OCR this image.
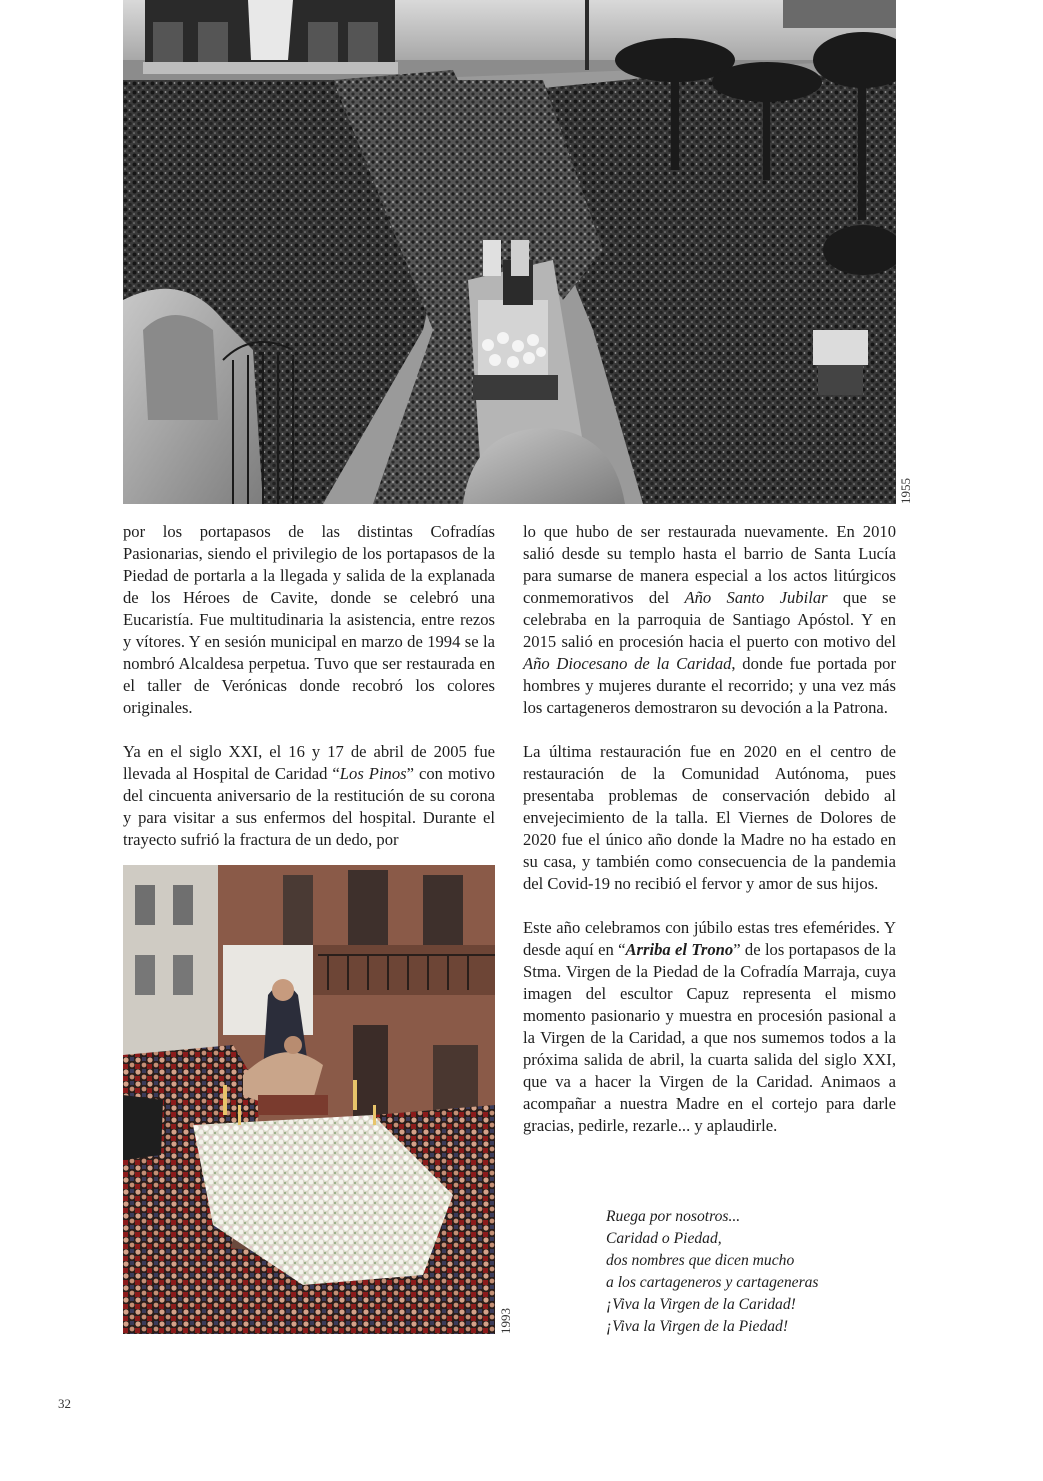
1955

por los portapasos de las distintas Cofradías Pasionarias, siendo el privilegio de los portapasos de la Piedad de portarla a la llegada y salida de la explanada de los Héroes de Cavite, donde se celebró una Eucaristía. Fue multitudinaria la asistencia, entre rezos y vítores. Y en sesión municipal en marzo de 1994 se la nombró Alcaldesa perpetua. Tuvo que ser restaurada en el taller de Verónicas donde recobró los colores originales.

Ya en el siglo XXI, el 16 y 17 de abril de 2005 fue llevada al Hospital de Caridad “Los Pinos” con motivo del cincuenta aniversario de la restitución de su corona y para visitar a sus enfermos del hospital. Durante el trayecto sufrió la fractura de un dedo, por

1993

lo que hubo de ser restaurada nuevamente. En 2010 salió desde su templo hasta el barrio de Santa Lucía para sumarse de manera especial a los actos litúrgicos conmemorativos del Año Santo Jubilar que se celebraba en la parroquia de Santiago Apóstol. Y en 2015 salió en procesión hacia el puerto con motivo del Año Diocesano de la Caridad, donde fue portada por hombres y mujeres durante el recorrido; y una vez más los cartageneros demostraron su devoción a la Patrona.

La última restauración fue en 2020 en el centro de restauración de la Comunidad Autónoma, pues presentaba problemas de conservación debido al envejecimiento de la talla. El Viernes de Dolores de 2020 fue el único año donde la Madre no ha estado en su casa, y también como consecuencia de la pandemia del Covid-19 no recibió el fervor y amor de sus hijos.

Este año celebramos con júbilo estas tres efemérides. Y desde aquí en “Arriba el Trono” de los portapasos de la Stma. Virgen de la Piedad de la Cofradía Marraja, cuya imagen del escultor Capuz representa el mismo momento pasionario y muestra en procesión pasional a la Virgen de la Caridad, a que nos sumemos todos a la próxima salida de abril, la cuarta salida del siglo XXI, que va a hacer la Virgen de la Caridad. Animaos a acompañar a nuestra Madre en el cortejo para darle gracias, pedirle, rezarle... y aplaudirle.

Ruega por nosotros...
Caridad o Piedad,
dos nombres que dicen mucho
a los cartageneros y cartageneras
¡Viva la Virgen de la Caridad!
¡Viva la Virgen de la Piedad!
32
